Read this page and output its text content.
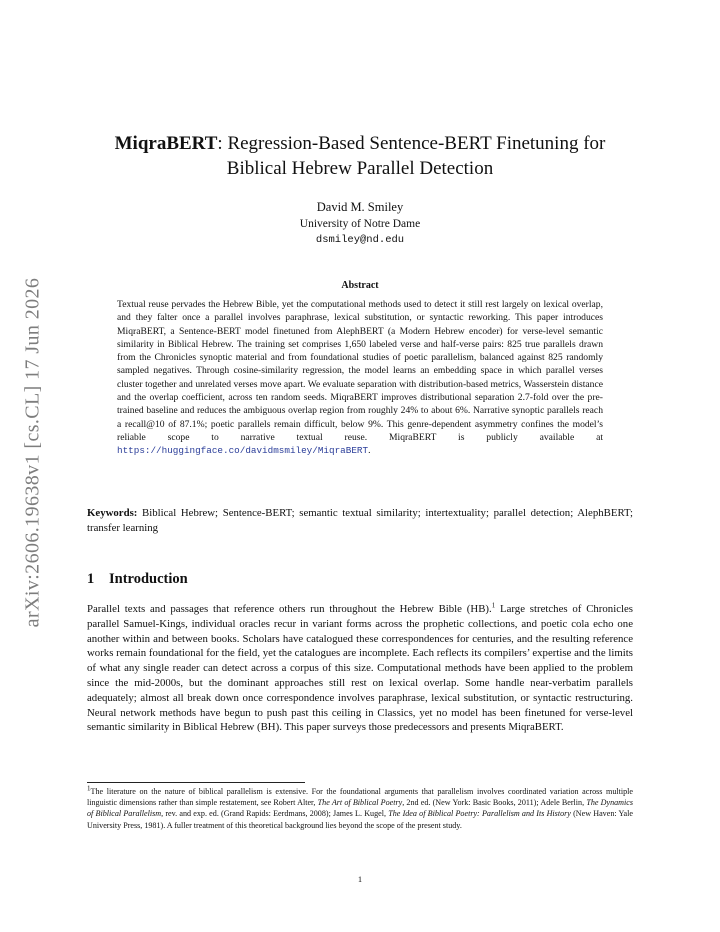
arXiv:2606.19638v1 [cs.CL] 17 Jun 2026
MiqraBERT: Regression-Based Sentence-BERT Finetuning for Biblical Hebrew Parallel Detection
David M. Smiley
University of Notre Dame
dsmiley@nd.edu
Abstract

Textual reuse pervades the Hebrew Bible, yet the computational methods used to detect it still rest largely on lexical overlap, and they falter once a parallel involves paraphrase, lexical substitution, or syntactic reworking. This paper introduces MiqraBERT, a Sentence-BERT model finetuned from AlephBERT (a Modern Hebrew encoder) for verse-level semantic similarity in Biblical Hebrew. The training set comprises 1,650 labeled verse and half-verse pairs: 825 true parallels drawn from the Chronicles synoptic material and from foundational studies of poetic parallelism, balanced against 825 randomly sampled negatives. Through cosine-similarity regression, the model learns an embedding space in which parallel verses cluster together and unrelated verses move apart. We evaluate separation with distribution-based metrics, Wasserstein distance and the overlap coefficient, across ten random seeds. MiqraBERT improves distributional separation 2.7-fold over the pre-trained baseline and reduces the ambiguous overlap region from roughly 24% to about 6%. Narrative synoptic parallels reach a recall@10 of 87.1%; poetic parallels remain difficult, below 9%. This genre-dependent asymmetry confines the model’s reliable scope to narrative textual reuse. MiqraBERT is publicly available at https://huggingface.co/davidmsmiley/MiqraBERT.

Keywords: Biblical Hebrew; Sentence-BERT; semantic textual similarity; intertextuality; parallel detection; AlephBERT; transfer learning

1 Introduction

Parallel texts and passages that reference others run throughout the Hebrew Bible (HB).$^1$ Large stretches of Chronicles parallel Samuel-Kings, individual oracles recur in variant forms across the prophetic collections, and poetic cola echo one another within and between books. Scholars have catalogued these correspondences for centuries, and the resulting reference works remain foundational for the field, yet the catalogues are incomplete. Each reflects its compilers’ expertise and the limits of what any single reader can detect across a corpus of this size. Computational methods have been applied to the problem since the mid-2000s, but the dominant approaches still rest on lexical overlap. Some handle near-verbatim parallels adequately; almost all break down once correspondence involves paraphrase, lexical substitution, or syntactic restructuring. Neural network methods have begun to push past this ceiling in Classics, yet no model has been finetuned for verse-level semantic similarity in Biblical Hebrew (BH). This paper surveys those predecessors and presents MiqraBERT.

$^1$The literature on the nature of biblical parallelism is extensive. For the foundational arguments that parallelism involves coordinated variation across multiple linguistic dimensions rather than simple restatement, see Robert Alter, The Art of Biblical Poetry, 2nd ed. (New York: Basic Books, 2011); Adele Berlin, The Dynamics of Biblical Parallelism, rev. and exp. ed. (Grand Rapids: Eerdmans, 2008); James L. Kugel, The Idea of Biblical Poetry: Parallelism and Its History (New Haven: Yale University Press, 1981). A fuller treatment of this theoretical background lies beyond the scope of the present study.

1
